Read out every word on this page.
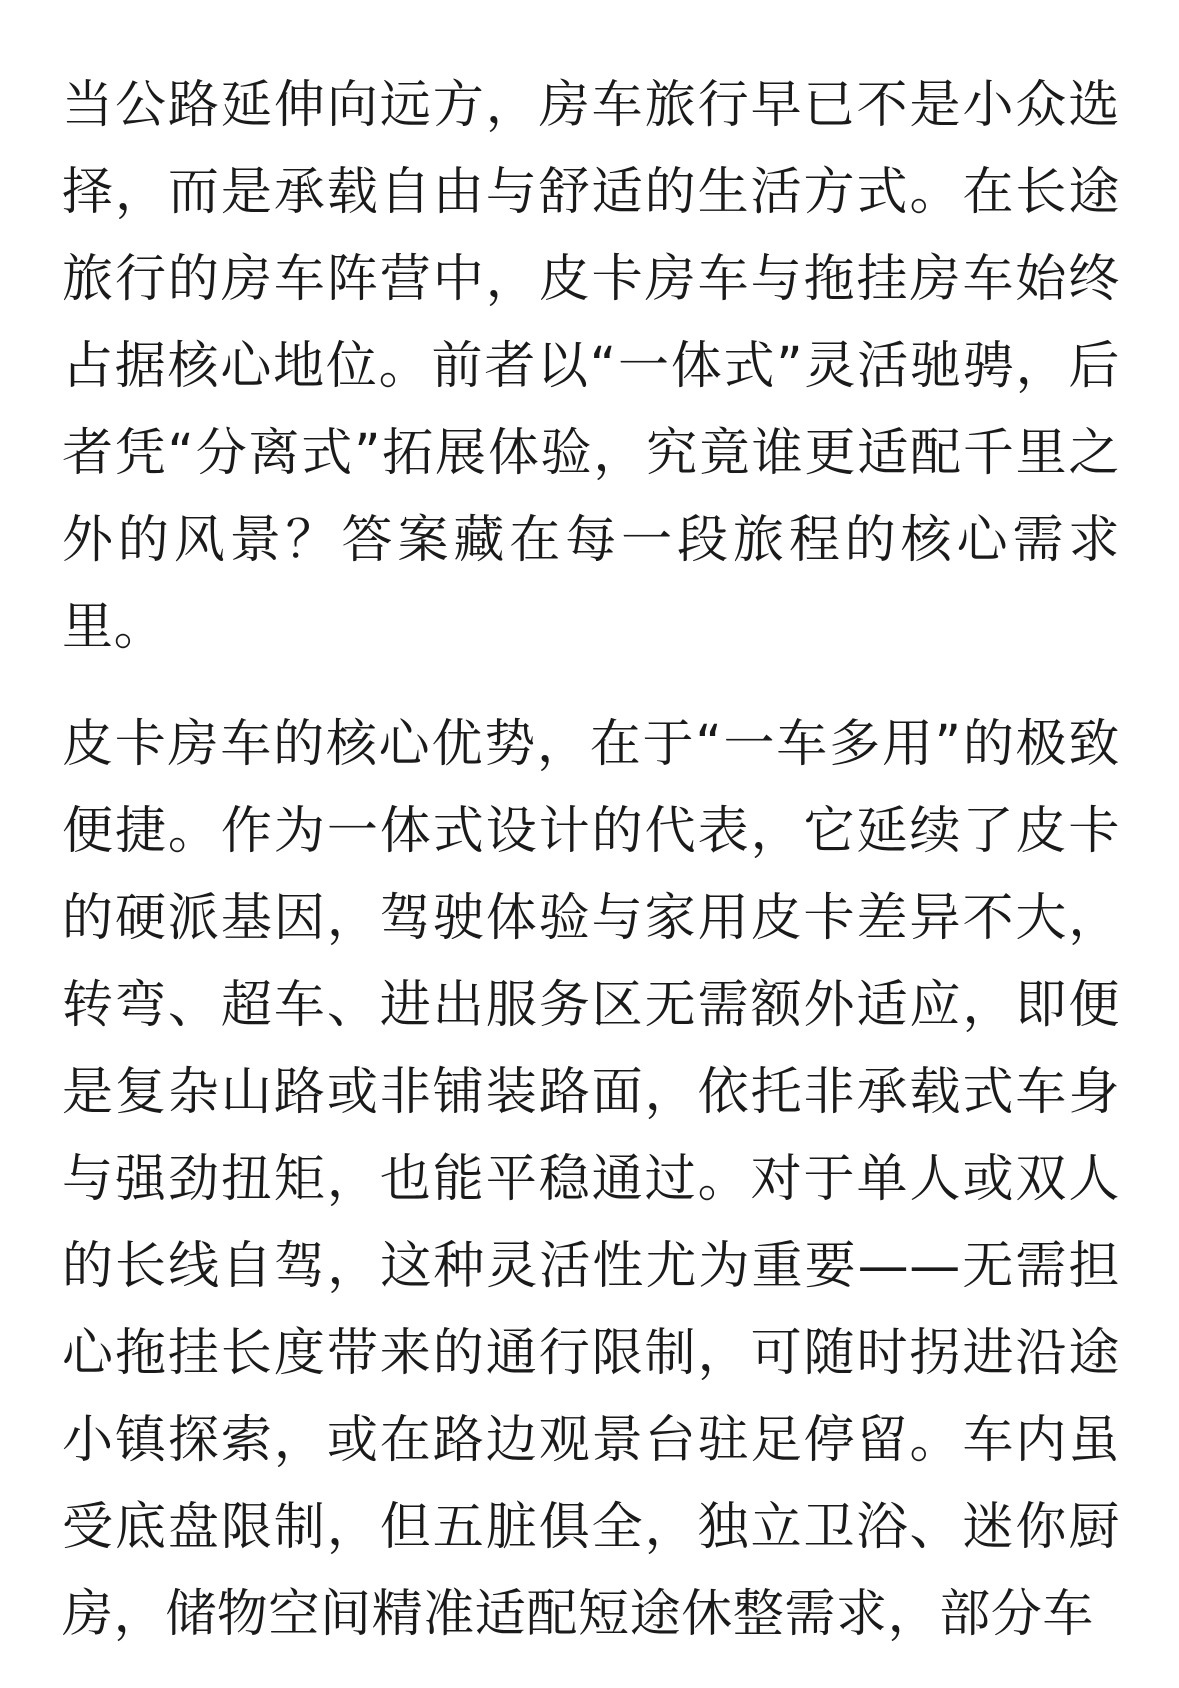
当公路延伸向远方，房车旅行早已不是小众选择，而是承载自由与舒适的生活方式。在长途旅行的房车阵营中，皮卡房车与拖挂房车始终占据核心地位。前者以“一体式”灵活驰骋，后者凭“分离式”拓展体验，究竟谁更适配千里之外的风景？答案藏在每一段旅程的核心需求里。

皮卡房车的核心优势，在于“一车多用”的极致便捷。作为一体式设计的代表，它延续了皮卡的硬派基因，驾驶体验与家用皮卡差异不大，转弯、超车、进出服务区无需额外适应，即便是复杂山路或非铺装路面，依托非承载式车身与强劲扭矩，也能平稳通过。对于单人或双人的长线自驾，这种灵活性尤为重要——无需担心拖挂长度带来的通行限制，可随时拐进沿途小镇探索，或在路边观景台驻足停留。车内虽受底盘限制，但五脏俱全，独立卫浴、迷你厨房，储物空间精准适配短途休整需求，部分车
